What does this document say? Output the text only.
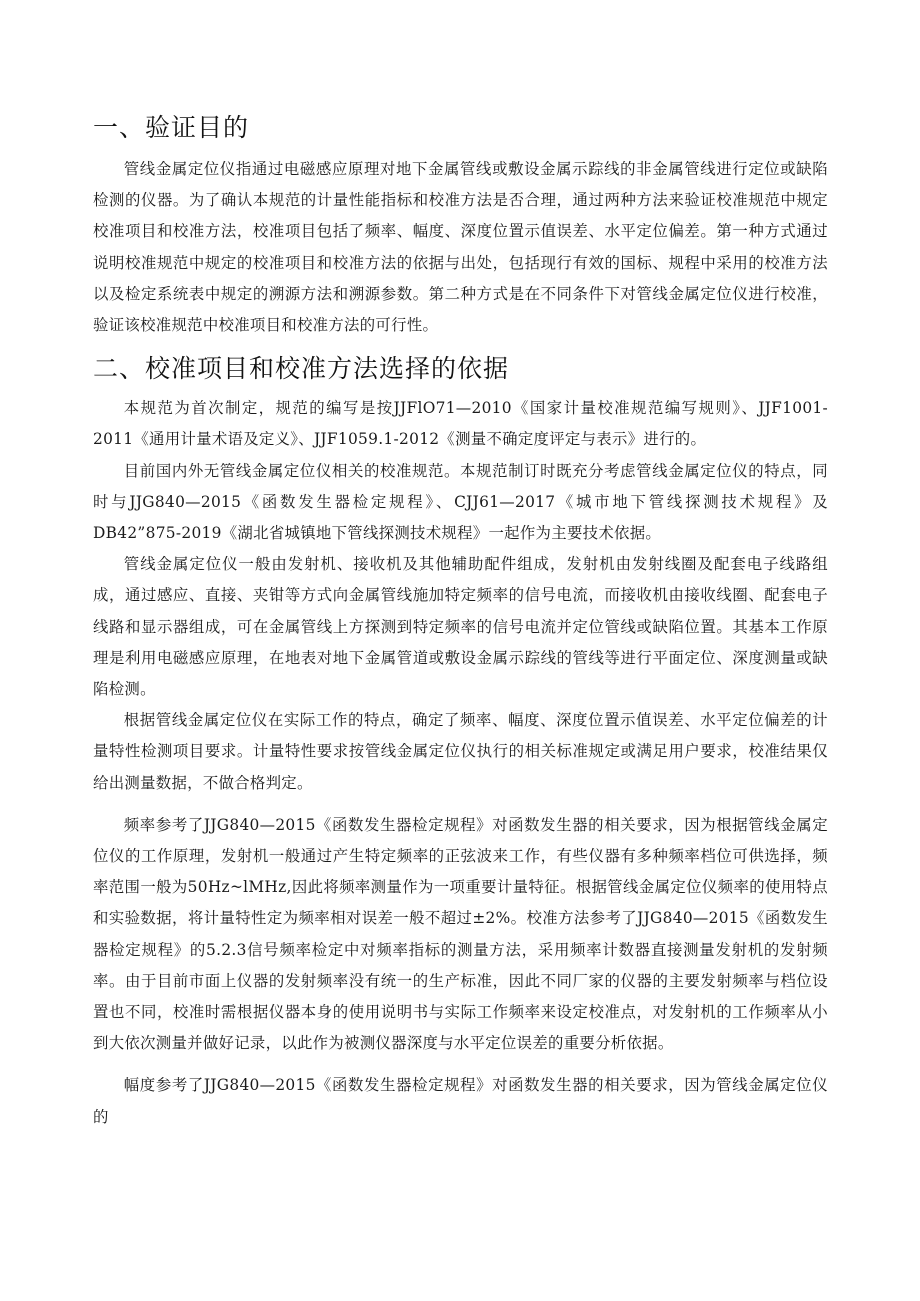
一、验证目的

管线金属定位仪指通过电磁感应原理对地下金属管线或敷设金属示踪线的非金属管线进行定位或缺陷检测的仪器。为了确认本规范的计量性能指标和校准方法是否合理，通过两种方法来验证校准规范中规定校准项目和校准方法，校准项目包括了频率、幅度、深度位置示值误差、水平定位偏差。第一种方式通过说明校准规范中规定的校准项目和校准方法的依据与出处，包括现行有效的国标、规程中采用的校准方法以及检定系统表中规定的溯源方法和溯源参数。第二种方式是在不同条件下对管线金属定位仪进行校准，验证该校准规范中校准项目和校准方法的可行性。

二、校准项目和校准方法选择的依据

本规范为首次制定，规范的编写是按JJFlO71—2010《国家计量校准规范编写规则》、JJF1001-2011《通用计量术语及定义》、JJF1059.1-2012《测量不确定度评定与表示》进行的。

目前国内外无管线金属定位仪相关的校准规范。本规范制订时既充分考虑管线金属定位仪的特点，同时与JJG840—2015《函数发生器检定规程》、CJJ61—2017《城市地下管线探测技术规程》及DB42”875-2019《湖北省城镇地下管线探测技术规程》一起作为主要技术依据。

管线金属定位仪一般由发射机、接收机及其他辅助配件组成，发射机由发射线圈及配套电子线路组成，通过感应、直接、夹钳等方式向金属管线施加特定频率的信号电流，而接收机由接收线圈、配套电子线路和显示器组成，可在金属管线上方探测到特定频率的信号电流并定位管线或缺陷位置。其基本工作原理是利用电磁感应原理，在地表对地下金属管道或敷设金属示踪线的管线等进行平面定位、深度测量或缺陷检测。

根据管线金属定位仪在实际工作的特点，确定了频率、幅度、深度位置示值误差、水平定位偏差的计量特性检测项目要求。计量特性要求按管线金属定位仪执行的相关标准规定或满足用户要求，校准结果仅给出测量数据，不做合格判定。

频率参考了JJG840—2015《函数发生器检定规程》对函数发生器的相关要求，因为根据管线金属定位仪的工作原理，发射机一般通过产生特定频率的正弦波来工作，有些仪器有多种频率档位可供选择，频率范围一般为50Hz~lMHz,因此将频率测量作为一项重要计量特征。根据管线金属定位仪频率的使用特点和实验数据，将计量特性定为频率相对误差一般不超过±2%。校准方法参考了JJG840—2015《函数发生器检定规程》的5.2.3信号频率检定中对频率指标的测量方法，采用频率计数器直接测量发射机的发射频率。由于目前市面上仪器的发射频率没有统一的生产标准，因此不同厂家的仪器的主要发射频率与档位设置也不同，校准时需根据仪器本身的使用说明书与实际工作频率来设定校准点，对发射机的工作频率从小到大依次测量并做好记录，以此作为被测仪器深度与水平定位误差的重要分析依据。

幅度参考了JJG840—2015《函数发生器检定规程》对函数发生器的相关要求，因为管线金属定位仪的
